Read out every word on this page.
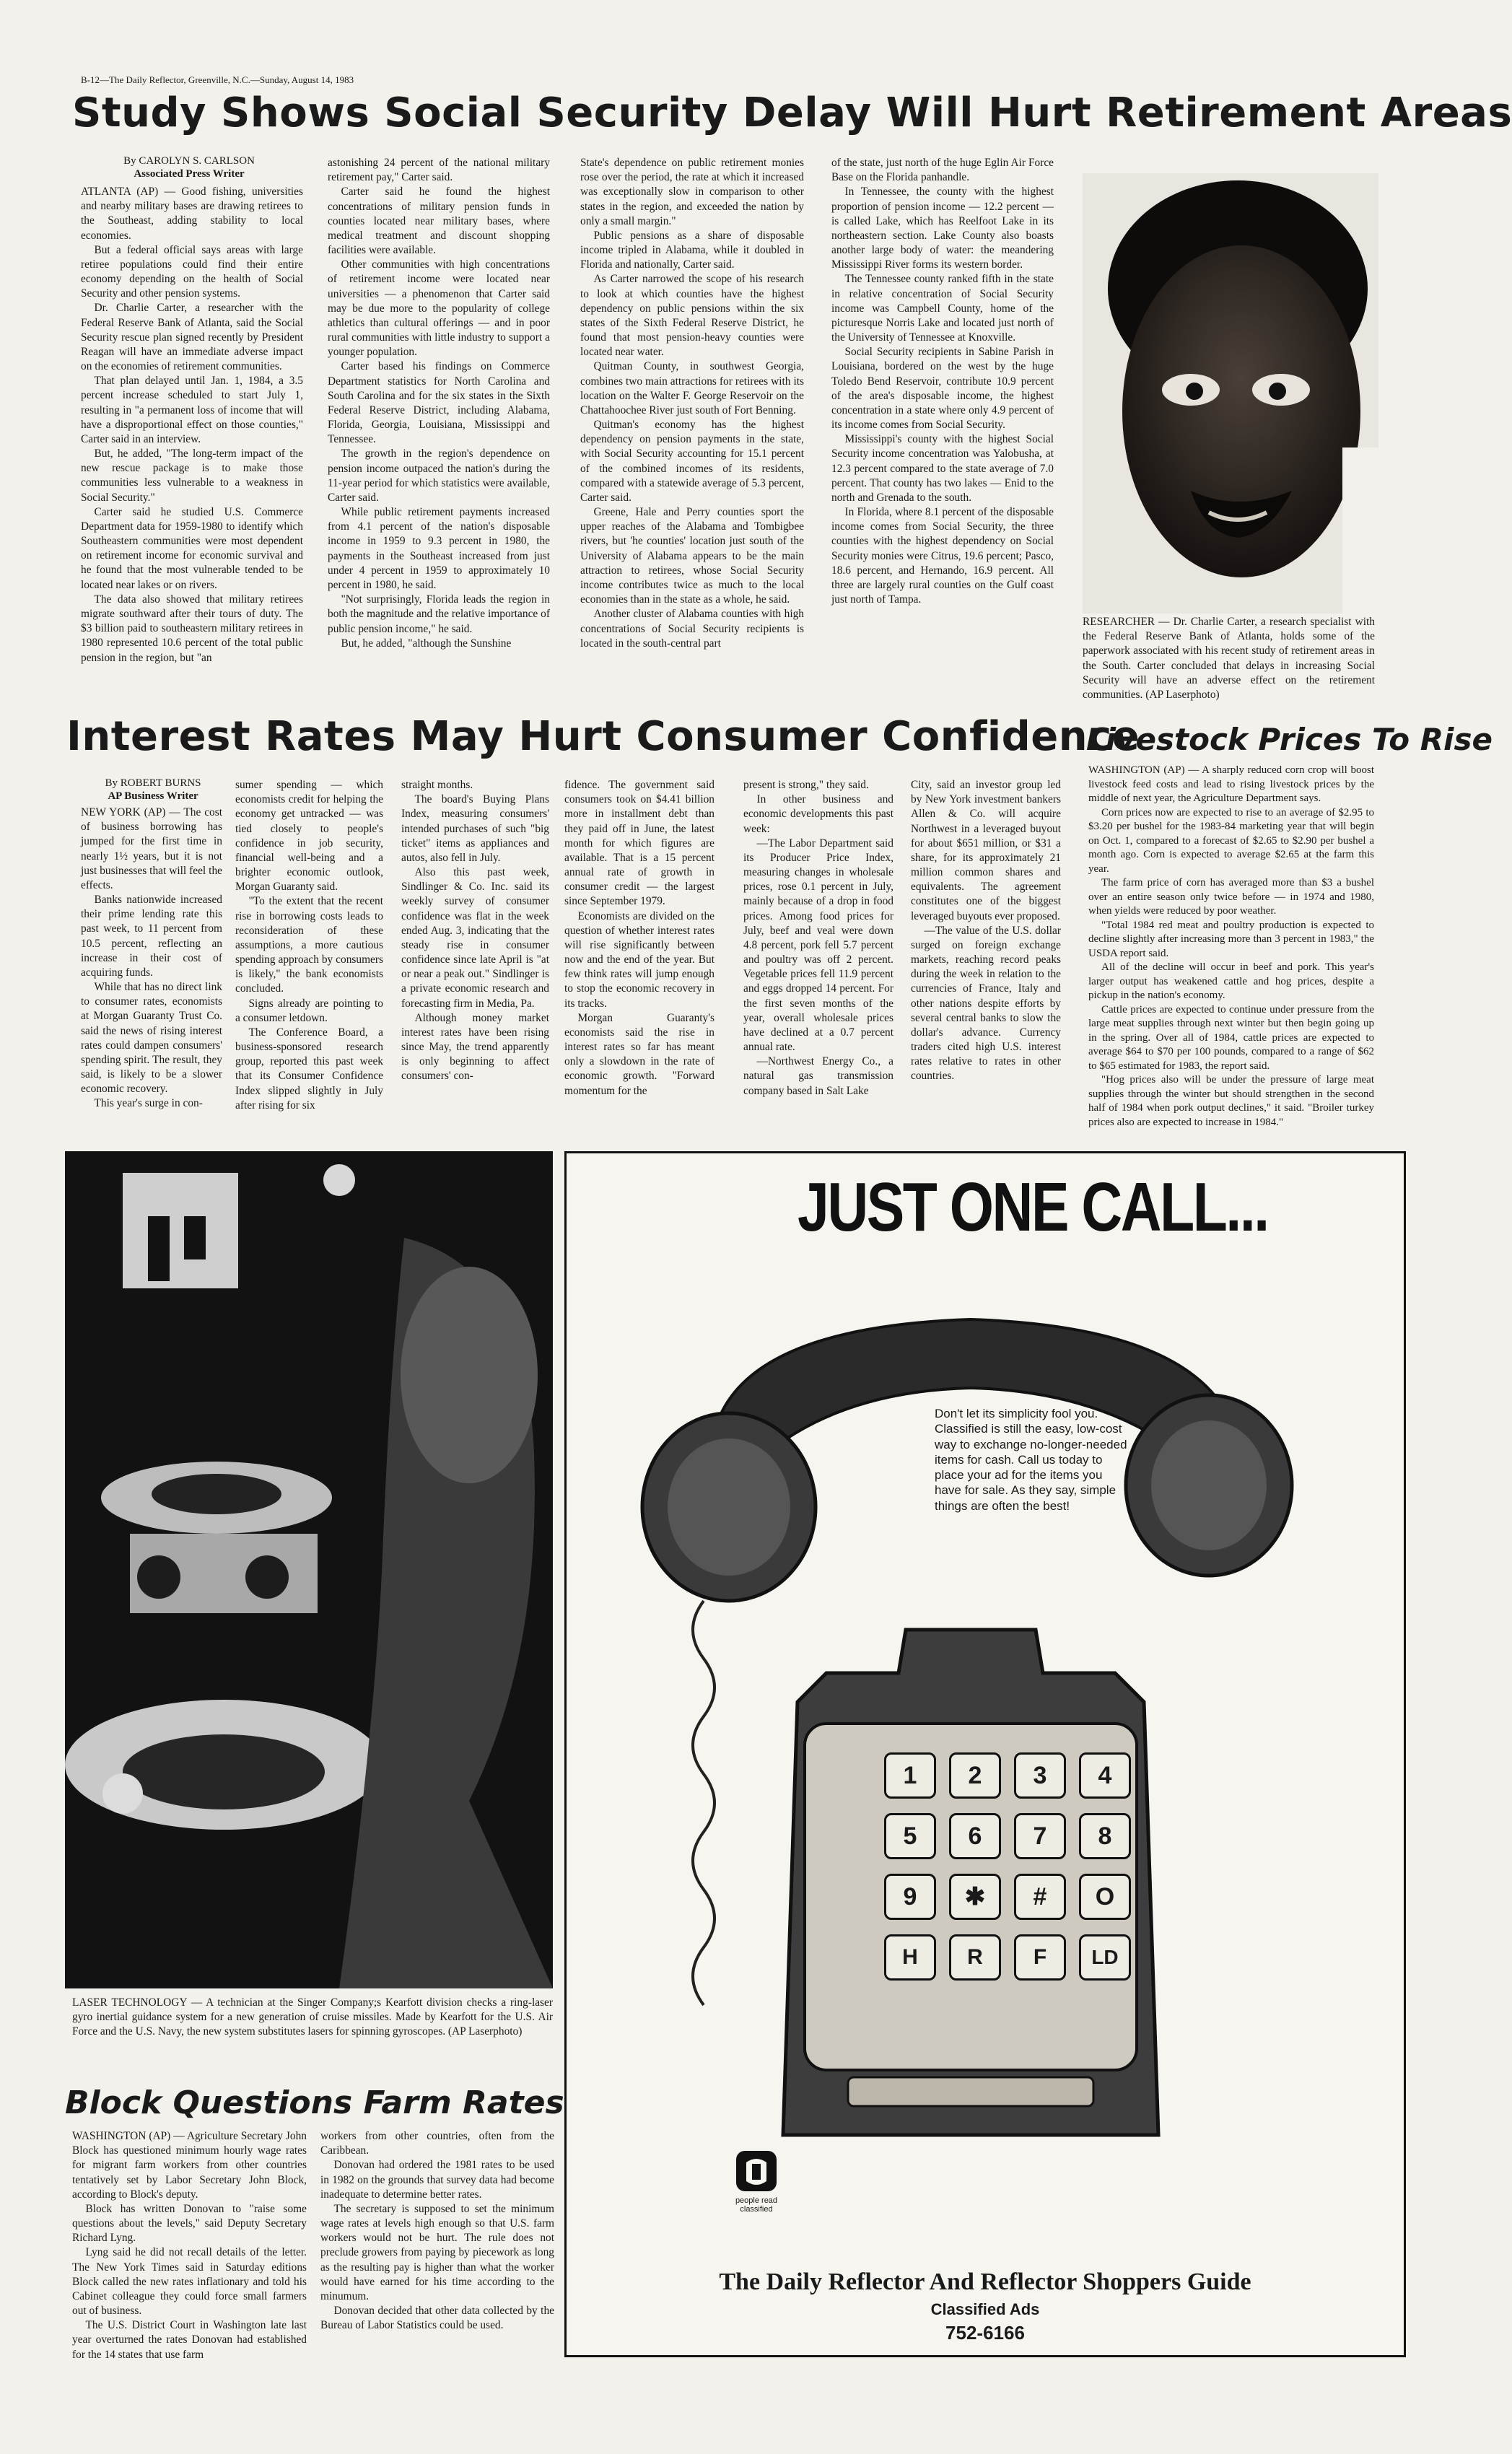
B-12—The Daily Reflector, Greenville, N.C.—Sunday, August 14, 1983
Study Shows Social Security Delay Will Hurt Retirement Areas
By CAROLYN S. CARLSON
Associated Press Writer

ATLANTA (AP) — Good fishing, universities and nearby military bases are drawing retirees to the Southeast, adding stability to local economies.

But a federal official says areas with large retiree populations could find their entire economy depending on the health of Social Security and other pension systems.

Dr. Charlie Carter, a researcher with the Federal Reserve Bank of Atlanta, said the Social Security rescue plan signed recently by President Reagan will have an immediate adverse impact on the economies of retirement communities.

That plan delayed until Jan. 1, 1984, a 3.5 percent increase scheduled to start July 1, resulting in "a permanent loss of income that will have a disproportional effect on those counties," Carter said in an interview.

But, he added, "The long-term impact of the new rescue package is to make those communities less vulnerable to a weakness in Social Security."

Carter said he studied U.S. Commerce Department data for 1959-1980 to identify which Southeastern communities were most dependent on retirement income for economic survival and he found that the most vulnerable tended to be located near lakes or on rivers.

The data also showed that military retirees migrate southward after their tours of duty. The $3 billion paid to southeastern military retirees in 1980 represented 10.6 percent of the total public pension in the region, but "an

astonishing 24 percent of the national military retirement pay," Carter said.

Carter said he found the highest concentrations of military pension funds in counties located near military bases, where medical treatment and discount shopping facilities were available.

Other communities with high concentrations of retirement income were located near universities — a phenomenon that Carter said may be due more to the popularity of college athletics than cultural offerings — and in poor rural communities with little industry to support a younger population.

Carter based his findings on Commerce Department statistics for North Carolina and South Carolina and for the six states in the Sixth Federal Reserve District, including Alabama, Florida, Georgia, Louisiana, Mississippi and Tennessee.

The growth in the region's dependence on pension income outpaced the nation's during the 11-year period for which statistics were available, Carter said.

While public retirement payments increased from 4.1 percent of the nation's disposable income in 1959 to 9.3 percent in 1980, the payments in the Southeast increased from just under 4 percent in 1959 to approximately 10 percent in 1980, he said.

"Not surprisingly, Florida leads the region in both the magnitude and the relative importance of public pension income," he said.

But, he added, "although the Sunshine

State's dependence on public retirement monies rose over the period, the rate at which it increased was exceptionally slow in comparison to other states in the region, and exceeded the nation by only a small margin."

Public pensions as a share of disposable income tripled in Alabama, while it doubled in Florida and nationally, Carter said.

As Carter narrowed the scope of his research to look at which counties have the highest dependency on public pensions within the six states of the Sixth Federal Reserve District, he found that most pension-heavy counties were located near water.

Quitman County, in southwest Georgia, combines two main attractions for retirees with its location on the Walter F. George Reservoir on the Chattahoochee River just south of Fort Benning.

Quitman's economy has the highest dependency on pension payments in the state, with Social Security accounting for 15.1 percent of the combined incomes of its residents, compared with a statewide average of 5.3 percent, Carter said.

Greene, Hale and Perry counties sport the upper reaches of the Alabama and Tombigbee rivers, but 'he counties' location just south of the University of Alabama appears to be the main attraction to retirees, whose Social Security income contributes twice as much to the local economies than in the state as a whole, he said.

Another cluster of Alabama counties with high concentrations of Social Security recipients is located in the south-central part

of the state, just north of the huge Eglin Air Force Base on the Florida panhandle.

In Tennessee, the county with the highest proportion of pension income — 12.2 percent — is called Lake, which has Reelfoot Lake in its northeastern section. Lake County also boasts another large body of water: the meandering Mississippi River forms its western border.

The Tennessee county ranked fifth in the state in relative concentration of Social Security income was Campbell County, home of the picturesque Norris Lake and located just north of the University of Tennessee at Knoxville.

Social Security recipients in Sabine Parish in Louisiana, bordered on the west by the huge Toledo Bend Reservoir, contribute 10.9 percent of the area's disposable income, the highest concentration in a state where only 4.9 percent of its income comes from Social Security.

Mississippi's county with the highest Social Security income concentration was Yalobusha, at 12.3 percent compared to the state average of 7.0 percent. That county has two lakes — Enid to the north and Grenada to the south.

In Florida, where 8.1 percent of the disposable income comes from Social Security, the three counties with the highest dependency on Social Security monies were Citrus, 19.6 percent; Pasco, 18.6 percent, and Hernando, 16.9 percent. All three are largely rural counties on the Gulf coast just north of Tampa.

RESEARCHER — Dr. Charlie Carter, a research specialist with the Federal Reserve Bank of Atlanta, holds some of the paperwork associated with his recent study of retirement areas in the South. Carter concluded that delays in increasing Social Security will have an adverse effect on the retirement communities. (AP Laserphoto)
Interest Rates May Hurt Consumer Confidence
By ROBERT BURNS
AP Business Writer

NEW YORK (AP) — The cost of business borrowing has jumped for the first time in nearly 1½ years, but it is not just businesses that will feel the effects.

Banks nationwide increased their prime lending rate this past week, to 11 percent from 10.5 percent, reflecting an increase in their cost of acquiring funds.

While that has no direct link to consumer rates, economists at Morgan Guaranty Trust Co. said the news of rising interest rates could dampen consumers' spending spirit. The result, they said, is likely to be a slower economic recovery.

This year's surge in con-

sumer spending — which economists credit for helping the economy get untracked — was tied closely to people's confidence in job security, financial well-being and a brighter economic outlook, Morgan Guaranty said.

"To the extent that the recent rise in borrowing costs leads to reconsideration of these assumptions, a more cautious spending approach by consumers is likely," the bank economists concluded.

Signs already are pointing to a consumer letdown.

The Conference Board, a business-sponsored research group, reported this past week that its Consumer Confidence Index slipped slightly in July after rising for six

straight months.

The board's Buying Plans Index, measuring consumers' intended purchases of such "big ticket" items as appliances and autos, also fell in July.

Also this past week, Sindlinger & Co. Inc. said its weekly survey of consumer confidence was flat in the week ended Aug. 3, indicating that the steady rise in consumer confidence since late April is "at or near a peak out." Sindlinger is a private economic research and forecasting firm in Media, Pa.

Although money market interest rates have been rising since May, the trend apparently is only beginning to affect consumers' con-

fidence. The government said consumers took on $4.41 billion more in installment debt than they paid off in June, the latest month for which figures are available. That is a 15 percent annual rate of growth in consumer credit — the largest since September 1979.

Economists are divided on the question of whether interest rates will rise significantly between now and the end of the year. But few think rates will jump enough to stop the economic recovery in its tracks.

Morgan Guaranty's economists said the rise in interest rates so far has meant only a slowdown in the rate of economic growth. "Forward momentum for the

present is strong," they said.

In other business and economic developments this past week:

—The Labor Department said its Producer Price Index, measuring changes in wholesale prices, rose 0.1 percent in July, mainly because of a drop in food prices. Among food prices for July, beef and veal were down 4.8 percent, pork fell 5.7 percent and poultry was off 2 percent. Vegetable prices fell 11.9 percent and eggs dropped 14 percent. For the first seven months of the year, overall wholesale prices have declined at a 0.7 percent annual rate.

—Northwest Energy Co., a natural gas transmission company based in Salt Lake

City, said an investor group led by New York investment bankers Allen & Co. will acquire Northwest in a leveraged buyout for about $651 million, or $31 a share, for its approximately 21 million common shares and equivalents. The agreement constitutes one of the biggest leveraged buyouts ever proposed.

—The value of the U.S. dollar surged on foreign exchange markets, reaching record peaks during the week in relation to the currencies of France, Italy and other nations despite efforts by several central banks to slow the dollar's advance. Currency traders cited high U.S. interest rates relative to rates in other countries.

Livestock Prices To Rise

WASHINGTON (AP) — A sharply reduced corn crop will boost livestock feed costs and lead to rising livestock prices by the middle of next year, the Agriculture Department says.

Corn prices now are expected to rise to an average of $2.95 to $3.20 per bushel for the 1983-84 marketing year that will begin on Oct. 1, compared to a forecast of $2.65 to $2.90 per bushel a month ago. Corn is expected to average $2.65 at the farm this year.

The farm price of corn has averaged more than $3 a bushel over an entire season only twice before — in 1974 and 1980, when yields were reduced by poor weather.

"Total 1984 red meat and poultry production is expected to decline slightly after increasing more than 3 percent in 1983," the USDA report said.

All of the decline will occur in beef and pork. This year's larger output has weakened cattle and hog prices, despite a pickup in the nation's economy.

Cattle prices are expected to continue under pressure from the large meat supplies through next winter but then begin going up in the spring. Over all of 1984, cattle prices are expected to average $64 to $70 per 100 pounds, compared to a range of $62 to $65 estimated for 1983, the report said.

"Hog prices also will be under the pressure of large meat supplies through the winter but should strengthen in the second half of 1984 when pork output declines," it said. "Broiler turkey prices also are expected to increase in 1984."

LASER TECHNOLOGY — A technician at the Singer Company;s Kearfott division checks a ring-laser gyro inertial guidance system for a new generation of cruise missiles. Made by Kearfott for the U.S. Air Force and the U.S. Navy, the new system substitutes lasers for spinning gyroscopes. (AP Laserphoto)
Block Questions Farm Rates

WASHINGTON (AP) — Agriculture Secretary John Block has questioned minimum hourly wage rates for migrant farm workers from other countries tentatively set by Labor Secretary John Block, according to Block's deputy.

Block has written Donovan to "raise some questions about the levels," said Deputy Secretary Richard Lyng.

Lyng said he did not recall details of the letter. The New York Times said in Saturday editions Block called the new rates inflationary and told his Cabinet colleague they could force small farmers out of business.

The U.S. District Court in Washington late last year overturned the rates Donovan had established for the 14 states that use farm

workers from other countries, often from the Caribbean.

Donovan had ordered the 1981 rates to be used in 1982 on the grounds that survey data had become inadequate to determine better rates.

The secretary is supposed to set the minimum wage rates at levels high enough so that U.S. farm workers would not be hurt. The rule does not preclude growers from paying by piecework as long as the resulting pay is higher than what the worker would have earned for his time according to the minumum.

Donovan decided that other data collected by the Bureau of Labor Statistics could be used.

JUST ONE CALL...
1	2	3	4
5	6	7	8
9	✱	#	O
H	R	F	LD
Don't let its simplicity fool you. Classified is still the easy, low-cost way to exchange no-longer-needed items for cash. Call us today to place your ad for the items you have for sale. As they say, simple things are often the best!
people read
classified
The Daily Reflector And Reflector Shoppers Guide
Classified Ads
752-6166
